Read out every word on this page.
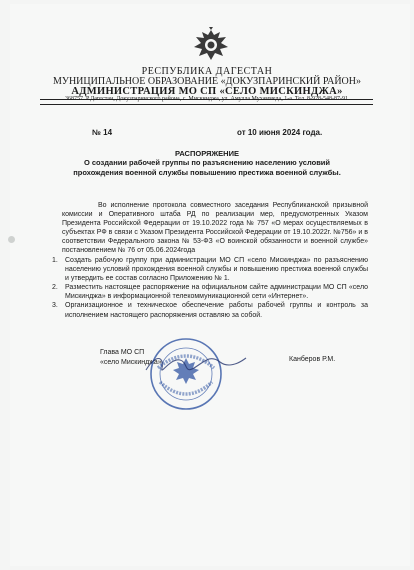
РЕСПУБЛИКА ДАГЕСТАН
МУНИЦИПАЛЬНОЕ ОБРАЗОВАНИЕ «ДОКУЗПАРИНСКИЙ РАЙОН»
АДМИНИСТРАЦИЯ МО СП «СЕЛО МИСКИНДЖА»
368757. Р.Дагестан, Докузпаринского района, с. Мискинджа, ул. Амулла Мухаммеда, 1-а. Тел. 8-928-548-87-91
№ 14	от 10 июня 2024 года.
РАСПОРЯЖЕНИЕ
О создании рабочей группы по разъяснению населению условий прохождения военной службы повышению престижа военной службы.
Во исполнение протокола совместного заседания Республиканской призывной комиссии и Оперативного штаба РД по реализации мер, предусмотренных Указом Президента Российской Федерации от 19.10.2022 года № 757 «О мерах осуществляемых в субъектах РФ в связи с Указом Президента Российской Федерации от 19.10.2022г. №756» и в соответствии Федерального закона № 53-ФЗ «О воинской обязанности и военной службе» постановлением № 76 от 05.06.2024года
1.	Создать рабочую группу при администрации МО СП «село Мискинджа» по разъяснению населению условий прохождения военной службы и повышению престижа военной службы и утвердить ее состав согласно Приложению № 1.
2.	Разместить настоящее распоряжение на официальном сайте администрации МО СП «село Мискинджа» в информационной телекоммуникационной сети «Интернет».
3.	Организационное и техническое обеспечение работы рабочей группы и контроль за исполнением настоящего распоряжения оставляю за собой.
Глава МО СП
«село Мискинджа»	Канберов Р.М.
